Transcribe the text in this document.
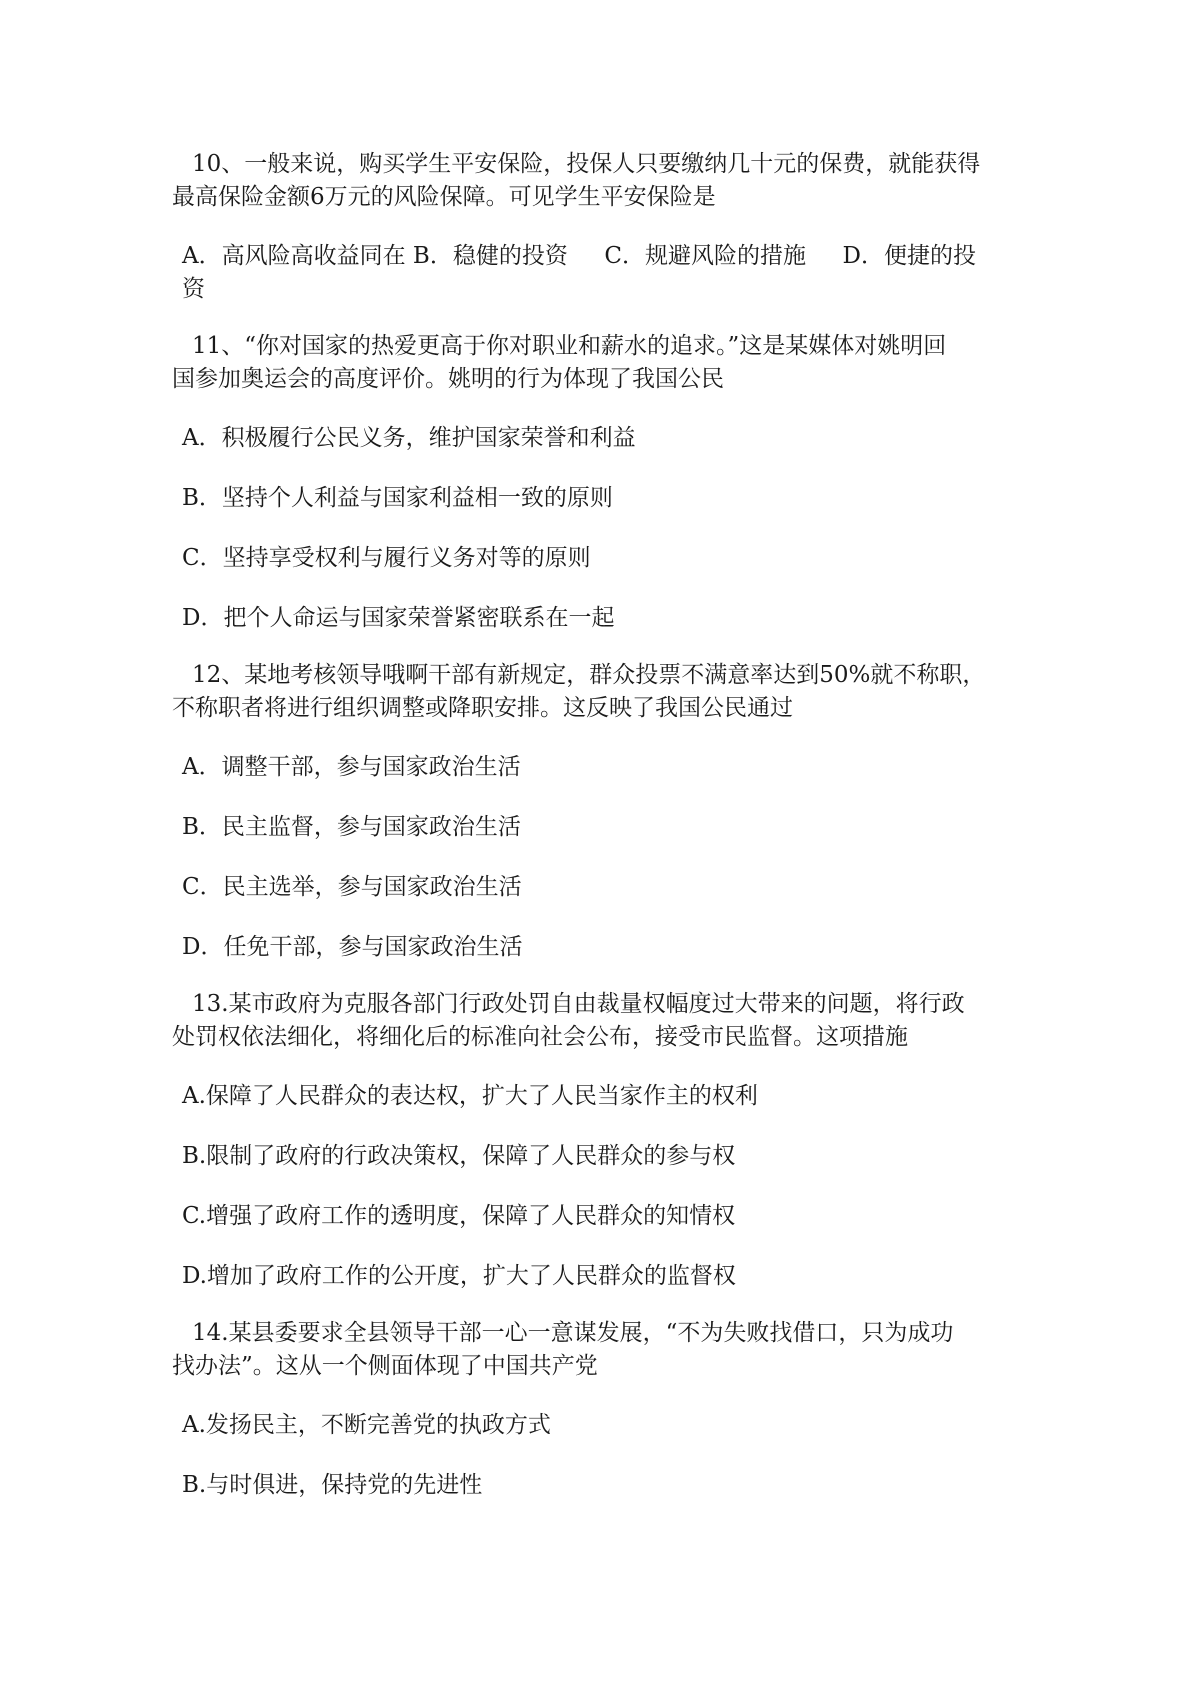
10、一般来说，购买学生平安保险，投保人只要缴纳几十元的保费，就能获得
最高保险金额6万元的风险保障。可见学生平安保险是

A．高风险高收益同在 B．稳健的投资     C．规避风险的措施     D．便捷的投
资

11、“你对国家的热爱更高于你对职业和薪水的追求。”这是某媒体对姚明回
国参加奥运会的高度评价。姚明的行为体现了我国公民

A．积极履行公民义务，维护国家荣誉和利益

B．坚持个人利益与国家利益相一致的原则

C．坚持享受权利与履行义务对等的原则

D．把个人命运与国家荣誉紧密联系在一起

12、某地考核领导哦啊干部有新规定，群众投票不满意率达到50%就不称职，
不称职者将进行组织调整或降职安排。这反映了我国公民通过

A．调整干部，参与国家政治生活

B．民主监督，参与国家政治生活

C．民主选举，参与国家政治生活

D．任免干部，参与国家政治生活

13.某市政府为克服各部门行政处罚自由裁量权幅度过大带来的问题，将行政
处罚权依法细化，将细化后的标准向社会公布，接受市民监督。这项措施

A.保障了人民群众的表达权，扩大了人民当家作主的权利

B.限制了政府的行政决策权，保障了人民群众的参与权

C.增强了政府工作的透明度，保障了人民群众的知情权

D.增加了政府工作的公开度，扩大了人民群众的监督权

14.某县委要求全县领导干部一心一意谋发展，“不为失败找借口，只为成功
找办法”。这从一个侧面体现了中国共产党

A.发扬民主，不断完善党的执政方式

B.与时俱进，保持党的先进性
